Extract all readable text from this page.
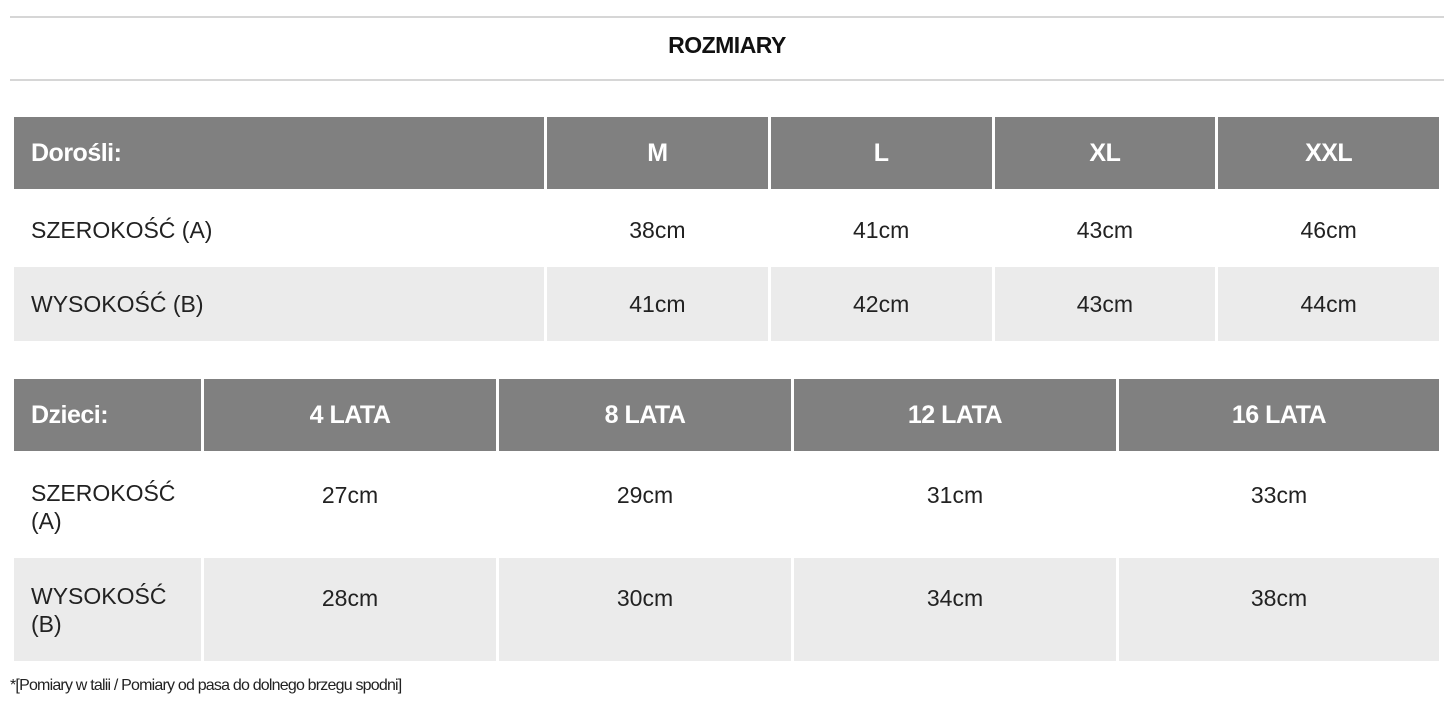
ROZMIARY
Dorośli:	M	L	XL	XXL
SZEROKOŚĆ (A)	38cm	41cm	43cm	46cm
WYSOKOŚĆ (B)	41cm	42cm	43cm	44cm
Dzieci:	4 LATA	8 LATA	12 LATA	16 LATA
SZEROKOŚĆ (A)	27cm	29cm	31cm	33cm
WYSOKOŚĆ (B)	28cm	30cm	34cm	38cm
*[Pomiary w talii / Pomiary od pasa do dolnego brzegu spodni]
